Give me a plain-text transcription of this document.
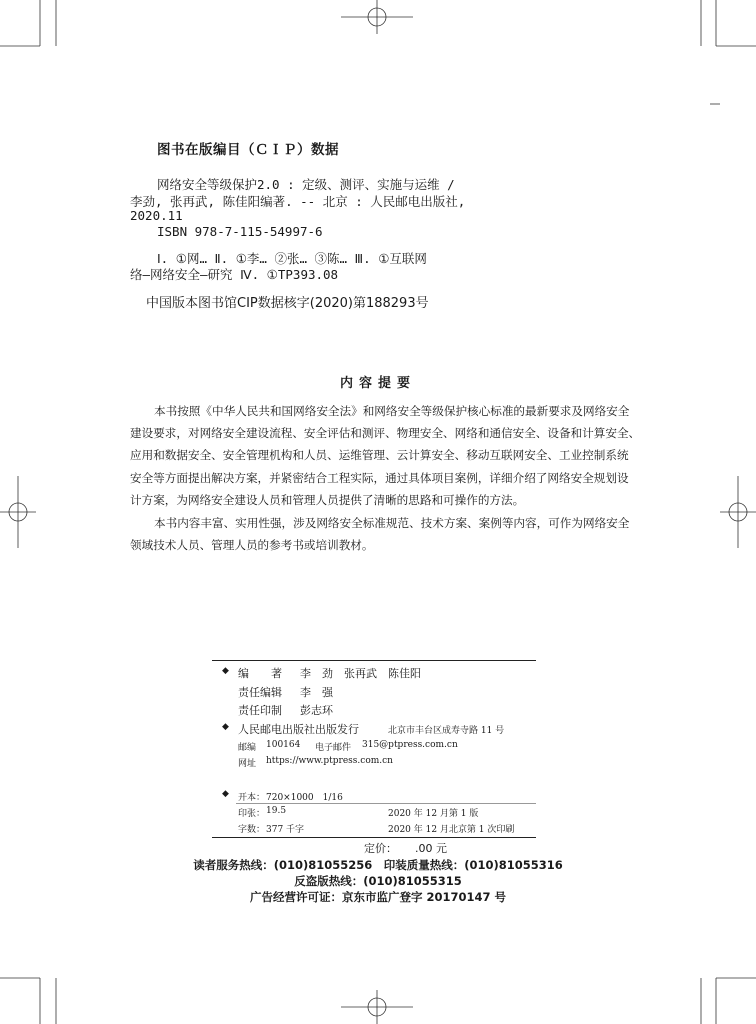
图书在版编目（ＣＩＰ）数据
网络安全等级保护2.0 : 定级、测评、实施与运维 /
李劲, 张再武, 陈佳阳编著. -- 北京 : 人民邮电出版社,
2020.11
ISBN 978-7-115-54997-6
Ⅰ. ①网… Ⅱ. ①李… ②张… ③陈… Ⅲ. ①互联网
络—网络安全—研究 Ⅳ. ①TP393.08
中国版本图书馆CIP数据核字(2020)第188293号
内容提要
本书按照《中华人民共和国网络安全法》和网络安全等级保护核心标准的最新要求及网络安全
建设要求，对网络安全建设流程、安全评估和测评、物理安全、网络和通信安全、设备和计算安全、
应用和数据安全、安全管理机构和人员、运维管理、云计算安全、移动互联网安全、工业控制系统
安全等方面提出解决方案，并紧密结合工程实际，通过具体项目案例，详细介绍了网络安全规划设
计方案，为网络安全建设人员和管理人员提供了清晰的思路和可操作的方法。
本书内容丰富、实用性强，涉及网络安全标准规范、技术方案、案例等内容，可作为网络安全
领域技术人员、管理人员的参考书或培训教材。
◆ 编　　著 李　劲　张再武　陈佳阳
责任编辑 李　强
责任印制 彭志环
◆ 人民邮电出版社出版发行	北京市丰台区成寿寺路 11 号
邮编 100164 电子邮件 315@ptpress.com.cn
网址 https://www.ptpress.com.cn
◆ 开本： 720×1000　1/16
印张： 19.5	2020 年 12 月第 1 版
字数： 377 千字	2020 年 12 月北京第 1 次印刷
定价： .00 元
读者服务热线：(010)81055256　印装质量热线：(010)81055316
反盗版热线：(010)81055315
广告经营许可证：京东市监广登字 20170147 号
